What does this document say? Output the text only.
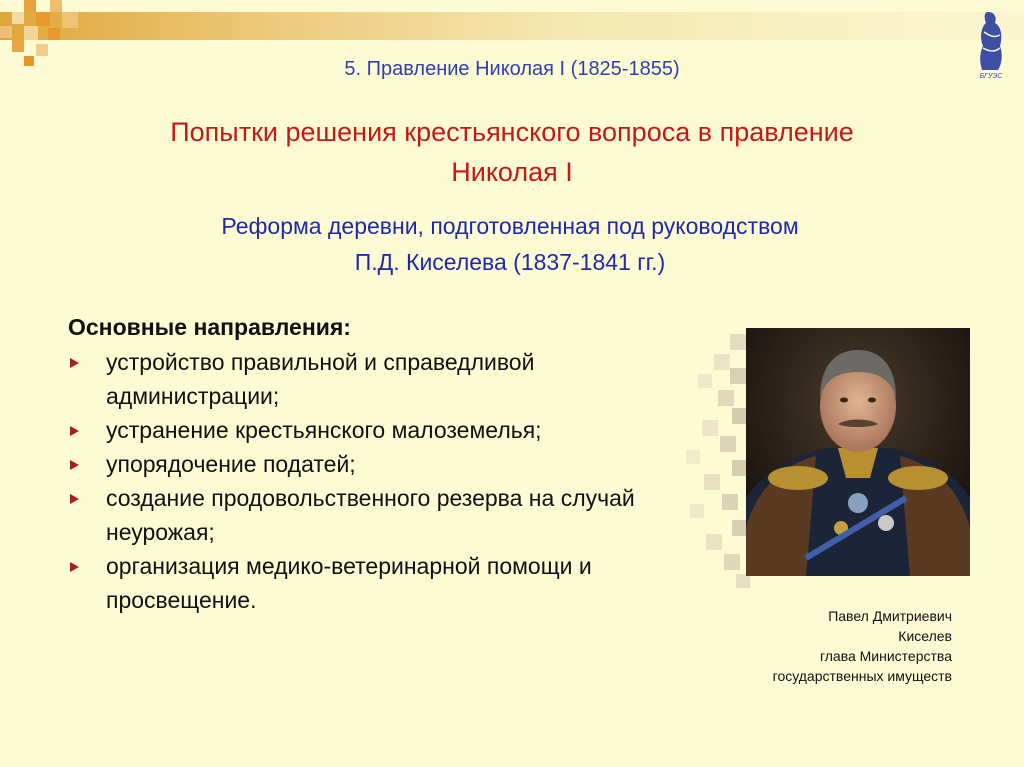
БГУЭС
5. Правление Николая I (1825-1855)
Попытки решения крестьянского вопроса в правление
Николая I
Реформа деревни, подготовленная под руководством
П.Д. Киселева (1837-1841 гг.)
Основные направления:
устройство правильной и справедливой администрации;
устранение крестьянского малоземелья;
упорядочение податей;
создание продовольственного резерва на случай неурожая;
организация медико-ветеринарной помощи и просвещение.
Павел Дмитриевич
Киселев
глава Министерства
государственных имуществ
